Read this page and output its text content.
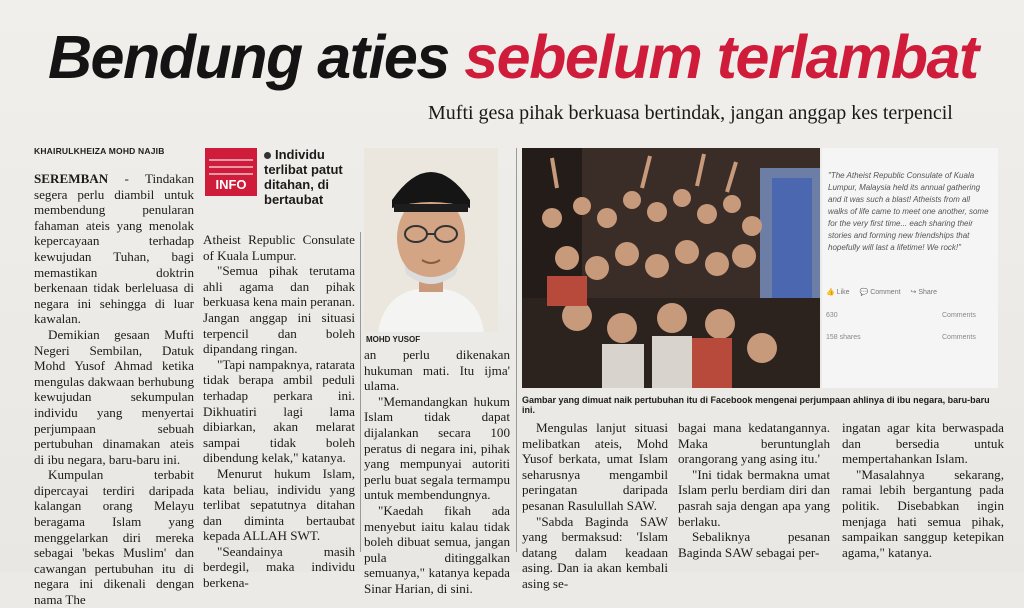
Bendung aties sebelum terlambat
Mufti gesa pihak berkuasa bertindak, jangan anggap kes terpencil
KHAIRULKHEIZA MOHD NAJIB

SEREMBAN - Tindakan segera perlu diambil untuk membendung penularan fahaman ateis yang menolak kepercayaan terhadap kewujudan Tuhan, bagi memastikan doktrin berkenaan tidak berleluasa di negara ini sehingga di luar kawalan.

Demikian gesaan Mufti Negeri Sembilan, Datuk Mohd Yusof Ahmad ketika mengulas dakwaan berhubung kewujudan sekumpulan individu yang menyertai perjumpaan sebuah pertubuhan dinamakan ateis di ibu negara, baru-baru ini.

Kumpulan terbabit dipercayai terdiri daripada kalangan orang Melayu beragama Islam yang menggelarkan diri mereka sebagai 'bekas Muslim' dan cawangan pertubuhan itu di negara ini dikenali dengan nama The

INFO
Individu terlibat patut ditahan, di bertaubat

Atheist Republic Consulate of Kuala Lumpur.

"Semua pihak terutama ahli agama dan pihak berkuasa kena main peranan. Jangan anggap ini situasi terpencil dan boleh dipandang ringan.

"Tapi nampaknya, ratarata tidak berapa ambil peduli terhadap perkara ini. Dikhuatiri lagi lama dibiarkan, akan melarat sampai tidak boleh dibendung kelak," katanya.

Menurut hukum Islam, kata beliau, individu yang terlibat sepatutnya ditahan dan diminta bertaubat kepada ALLAH SWT.

"Seandainya masih berdegil, maka individu berkena-

MOHD YUSOF

an perlu dikenakan hukuman mati. Itu ijma' ulama.

"Memandangkan hukum Islam tidak dapat dijalankan secara 100 peratus di negara ini, pihak yang mempunyai autoriti perlu buat segala termampu untuk membendungnya.

"Kaedah fikah ada menyebut iaitu kalau tidak boleh dibuat semua, jangan pula ditinggalkan semuanya," katanya kepada Sinar Harian, di sini.

"The Atheist Republic Consulate of Kuala Lumpur, Malaysia held its annual gathering and it was such a blast! Atheists from all walks of life came to meet one another, some for the very first time... each sharing their stories and forming new friendships that hopefully will last a lifetime! We rock!"
👍 Like 💬 Comment ↪ Share
630	Comments
158 shares	Comments
Gambar yang dimuat naik pertubuhan itu di Facebook mengenai perjumpaan ahlinya di ibu negara, baru-baru ini.

Mengulas lanjut situasi melibatkan ateis, Mohd Yusof berkata, umat Islam seharusnya mengambil peringatan daripada pesanan Rasulullah SAW.

"Sabda Baginda SAW yang bermaksud: 'Islam datang dalam keadaan asing. Dan ia akan kembali asing se-

bagai mana kedatangannya. Maka beruntunglah orangorang yang asing itu.'

"Ini tidak bermakna umat Islam perlu berdiam diri dan pasrah saja dengan apa yang berlaku.

Sebaliknya pesanan Baginda SAW sebagai per-

ingatan agar kita berwaspada dan bersedia untuk mempertahankan Islam.

"Masalahnya sekarang, ramai lebih bergantung pada politik. Disebabkan ingin menjaga hati semua pihak, sampaikan sanggup ketepikan agama," katanya.
